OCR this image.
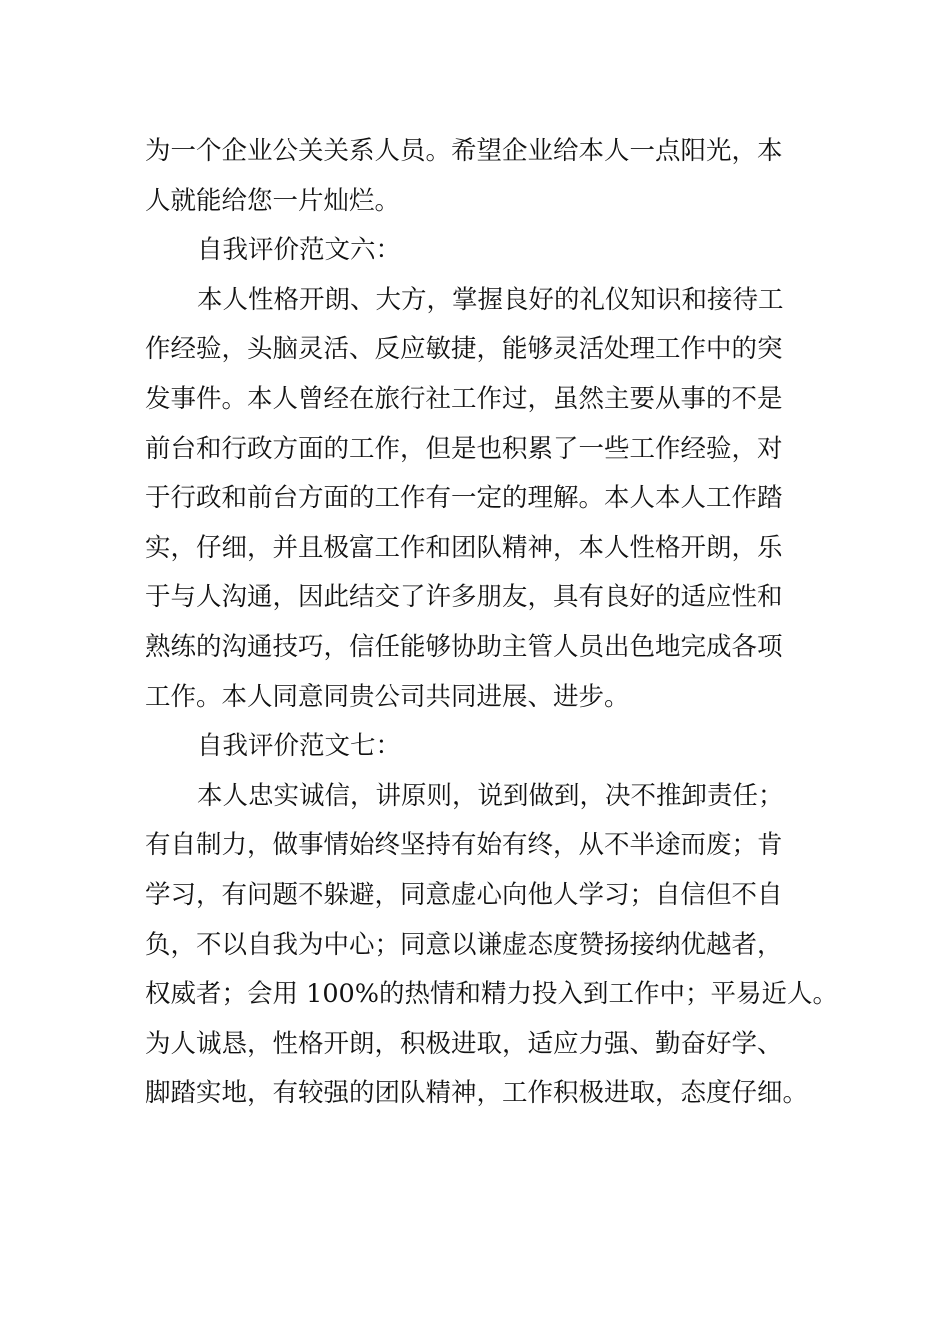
为一个企业公关关系人员。希望企业给本人一点阳光，本
人就能给您一片灿烂。
自我评价范文六：
本人性格开朗、大方，掌握良好的礼仪知识和接待工
作经验，头脑灵活、反应敏捷，能够灵活处理工作中的突
发事件。本人曾经在旅行社工作过，虽然主要从事的不是
前台和行政方面的工作，但是也积累了一些工作经验，对
于行政和前台方面的工作有一定的理解。本人本人工作踏
实，仔细，并且极富工作和团队精神，本人性格开朗，乐
于与人沟通，因此结交了许多朋友，具有良好的适应性和
熟练的沟通技巧，信任能够协助主管人员出色地完成各项
工作。本人同意同贵公司共同进展、进步。
自我评价范文七：
本人忠实诚信，讲原则，说到做到，决不推卸责任；
有自制力，做事情始终坚持有始有终，从不半途而废；肯
学习，有问题不躲避，同意虚心向他人学习；自信但不自
负，不以自我为中心；同意以谦虚态度赞扬接纳优越者，
权威者；会用 100%的热情和精力投入到工作中；平易近人。
为人诚恳，性格开朗，积极进取，适应力强、勤奋好学、
脚踏实地，有较强的团队精神，工作积极进取，态度仔细。
